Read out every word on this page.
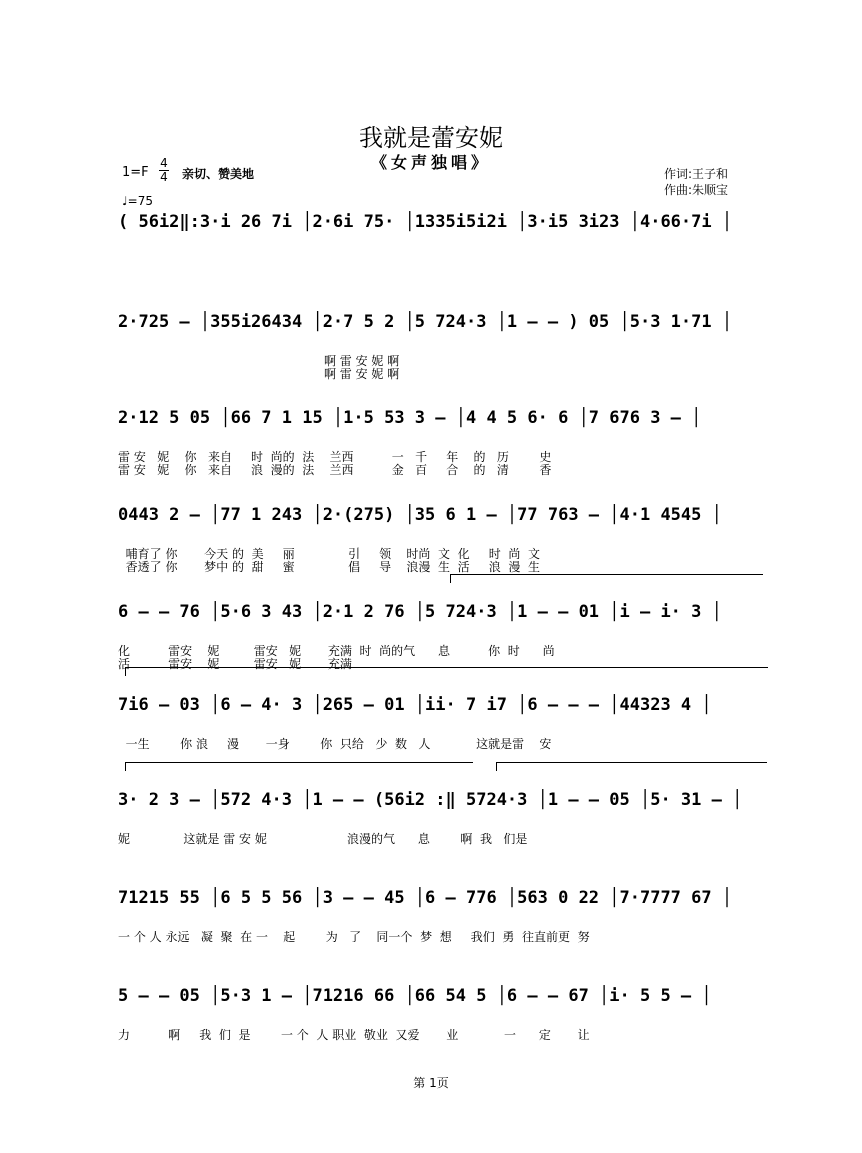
我就是蕾安妮
《女声独唱》
1=F
4
4 亲切、赞美地
♩=75
作词:王子和
作曲:朱顺宝
( 56i2‖:3·i 26 7i │2·6i 75· │1335i5i2i │3·i5 3i23 │4·66·7i │
2·725 – │355i26434 │2·7 5 2 │5 724·3 │1 – – ) 05 │5·3 1·71 │
啊 雷 安 妮 啊
啊 雷 安 妮 啊
2·12 5 05 │66 7 1 15 │1·5 53 3 – │4 4 5 6· 6 │7 676 3 – │
雷 安   妮    你   来自     时  尚的  法    兰西          一   千     年    的   历        史
雷 安   妮    你   来自     浪  漫的  法    兰西          金   百     合    的   清        香
0443 2 – │77 1 243 │2·(275) │35 6 1 – │77 763 – │4·1 4545 │
哺育了 你       今天 的  美     丽              引     领    时尚  文  化     时  尚  文
香透了 你       梦中 的  甜     蜜              倡     导    浪漫  生  活     浪  漫  生
6 – – 76 │5·6 3 43 │2·1 2 76 │5 724·3 │1 – – 01 │i – i· 3 │
化          雷安    妮         雷安   妮       充满  时  尚的气      息          你  时      尚
活          雷安    妮         雷安   妮       充满
7i6 – 03 │6 – 4· 3 │265 – 01 │ii· 7 i7 │6 – – – │44323 4 │
一生        你 浪     漫       一身        你  只给   少  数   人            这就是雷    安
3· 2 3 – │572 4·3 │1 – – (56i2 :‖ 5724·3 │1 – – 05 │5· 31 – │
妮              这就是 雷 安 妮                     浪漫的气      息        啊  我   们是
71215 55 │6 5 5 56 │3 – – 45 │6 – 776 │563 0 22 │7·7777 67 │
一 个 人 永远   凝  聚  在 一    起        为   了    同一个  梦  想     我们  勇  往直前更  努
5 – – 05 │5·3 1 – │71216 66 │66 54 5 │6 – – 67 │i· 5 5 – │
力          啊     我  们  是        一 个  人 职业  敬业  又爱       业            一      定       让
第 1页
